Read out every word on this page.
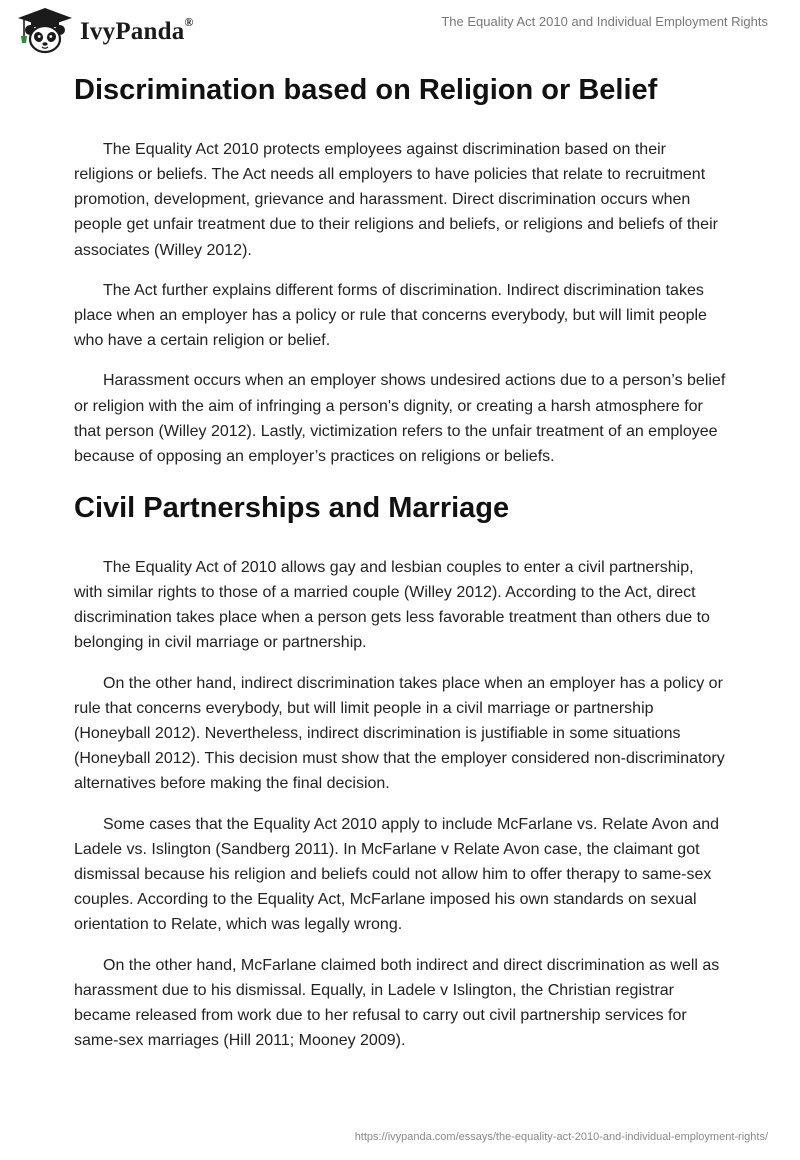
IvyPanda®	The Equality Act 2010 and Individual Employment Rights
Discrimination based on Religion or Belief

The Equality Act 2010 protects employees against discrimination based on their religions or beliefs. The Act needs all employers to have policies that relate to recruitment promotion, development, grievance and harassment. Direct discrimination occurs when people get unfair treatment due to their religions and beliefs, or religions and beliefs of their associates (Willey 2012).

The Act further explains different forms of discrimination. Indirect discrimination takes place when an employer has a policy or rule that concerns everybody, but will limit people who have a certain religion or belief.

Harassment occurs when an employer shows undesired actions due to a person’s belief or religion with the aim of infringing a person's dignity, or creating a harsh atmosphere for that person (Willey 2012). Lastly, victimization refers to the unfair treatment of an employee because of opposing an employer’s practices on religions or beliefs.

Civil Partnerships and Marriage

The Equality Act of 2010 allows gay and lesbian couples to enter a civil partnership, with similar rights to those of a married couple (Willey 2012). According to the Act, direct discrimination takes place when a person gets less favorable treatment than others due to belonging in civil marriage or partnership.

On the other hand, indirect discrimination takes place when an employer has a policy or rule that concerns everybody, but will limit people in a civil marriage or partnership (Honeyball 2012). Nevertheless, indirect discrimination is justifiable in some situations (Honeyball 2012). This decision must show that the employer considered non-discriminatory alternatives before making the final decision.

Some cases that the Equality Act 2010 apply to include McFarlane vs. Relate Avon and Ladele vs. Islington (Sandberg 2011). In McFarlane v Relate Avon case, the claimant got dismissal because his religion and beliefs could not allow him to offer therapy to same-sex couples. According to the Equality Act, McFarlane imposed his own standards on sexual orientation to Relate, which was legally wrong.

On the other hand, McFarlane claimed both indirect and direct discrimination as well as harassment due to his dismissal. Equally, in Ladele v Islington, the Christian registrar became released from work due to her refusal to carry out civil partnership services for same-sex marriages (Hill 2011; Mooney 2009).

https://ivypanda.com/essays/the-equality-act-2010-and-individual-employment-rights/
